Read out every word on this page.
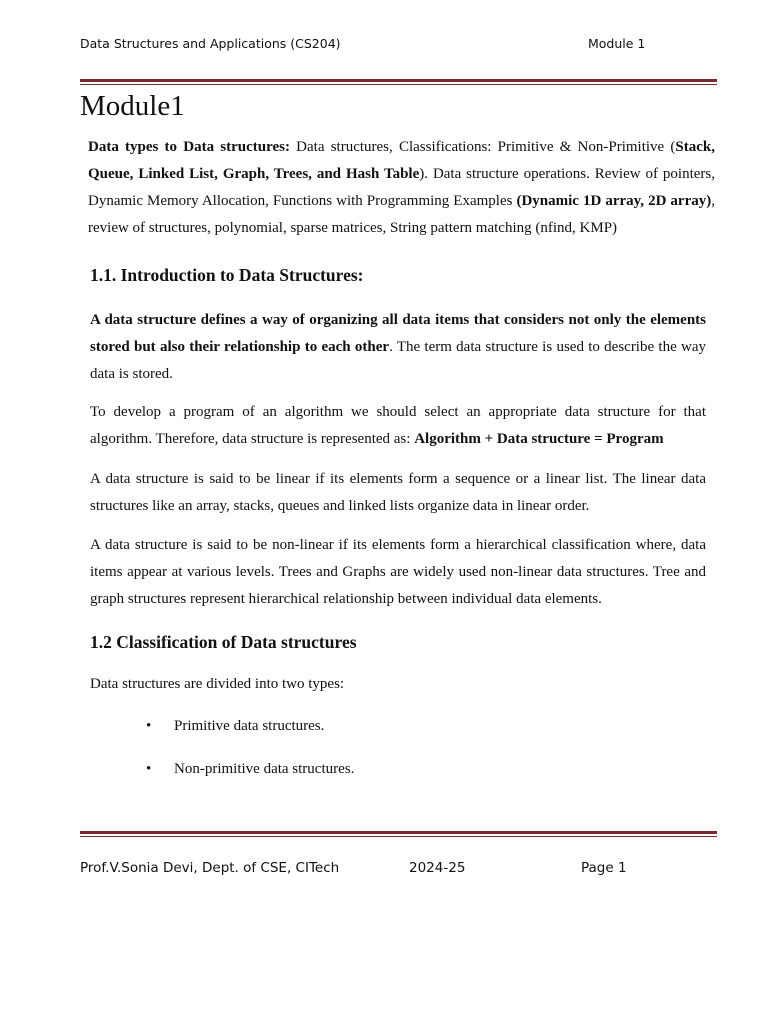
Data Structures and Applications (CS204)	Module 1
Module1

Data types to Data structures: Data structures, Classifications: Primitive & Non-Primitive (Stack, Queue, Linked List, Graph, Trees, and Hash Table). Data structure operations. Review of pointers, Dynamic Memory Allocation, Functions with Programming Examples (Dynamic 1D array, 2D array), review of structures, polynomial, sparse matrices, String pattern matching (nfind, KMP)

1.1. Introduction to Data Structures:

A data structure defines a way of organizing all data items that considers not only the elements stored but also their relationship to each other. The term data structure is used to describe the way data is stored.

To develop a program of an algorithm we should select an appropriate data structure for that algorithm. Therefore, data structure is represented as: Algorithm + Data structure = Program

A data structure is said to be linear if its elements form a sequence or a linear list. The linear data structures like an array, stacks, queues and linked lists organize data in linear order.

A data structure is said to be non-linear if its elements form a hierarchical classification where, data items appear at various levels. Trees and Graphs are widely used non-linear data structures. Tree and graph structures represent hierarchical relationship between individual data elements.

1.2 Classification of Data structures
Data structures are divided into two types:
• Primitive data structures.
• Non-primitive data structures.
Prof.V.Sonia Devi, Dept. of CSE, CITech	2024-25	Page 1
